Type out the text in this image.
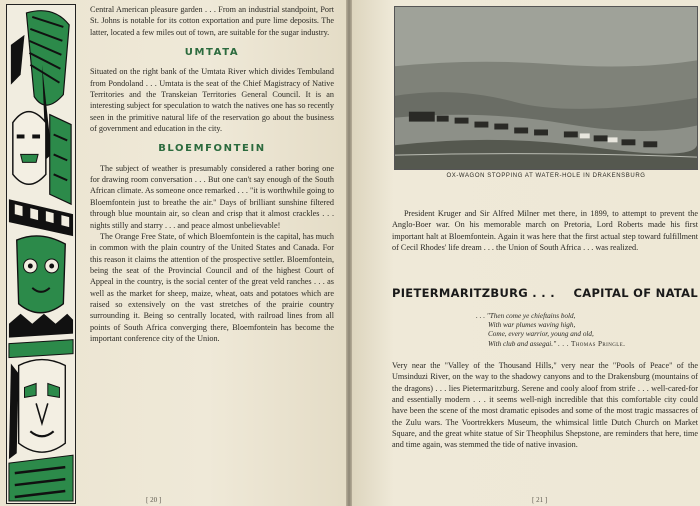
Central American pleasure garden . . . From an industrial standpoint, Port St. Johns is notable for its cotton exportation and pure lime deposits. The latter, located a few miles out of town, are suitable for the sugar industry.

UMTATA

Situated on the right bank of the Umtata River which divides Tembuland from Pondoland . . . Umtata is the seat of the Chief Magistracy of Native Territories and the Transkeian Territories General Council. It is an interesting subject for speculation to watch the natives one has so recently seen in the primitive natural life of the reservation go about the business of government and education in the city.

BLOEMFONTEIN

The subject of weather is presumably considered a rather boring one for drawing room conversation . . . But one can't say enough of the South African climate. As someone once remarked . . . "it is worthwhile going to Bloemfontein just to breathe the air." Days of brilliant sunshine filtered through blue mountain air, so clean and crisp that it almost crackles . . . nights stilly and starry . . . and peace almost unbelievable!

The Orange Free State, of which Bloemfontein is the capital, has much in common with the plain country of the United States and Canada. For this reason it claims the attention of the prospective settler. Bloemfontein, being the seat of the Provincial Council and of the highest Court of Appeal in the country, is the social center of the great veld ranches . . . as well as the market for sheep, maize, wheat, oats and potatoes which are raised so extensively on the vast stretches of the prairie country surrounding it. Being so centrally located, with railroad lines from all points of South Africa converging there, Bloemfontein has become the important conference city of the Union.

[ 20 ]
OX-WAGON STOPPING AT WATER-HOLE IN DRAKENSBURG

President Kruger and Sir Alfred Milner met there, in 1899, to attempt to prevent the Anglo-Boer war. On his memorable march on Pretoria, Lord Roberts made his first important halt at Bloemfontein. Again it was here that the first actual step toward fulfillment of Cecil Rhodes' life dream . . . the Union of South Africa . . . was realized.

PIETERMARITZBURG . . . CAPITAL OF NATAL
. . . "Then come ye chieftains bold,
With war plumes waving high,
Come, every warrior, young and old,
With club and assegai." . . . Thomas Pringle.

Very near the "Valley of the Thousand Hills," very near the "Pools of Peace" of the Umsinduzi River, on the way to the shadowy canyons and to the Drakensburg (mountains of the dragons) . . . lies Pietermaritzburg. Serene and cooly aloof from strife . . . well-cared-for and essentially modern . . . it seems well-nigh incredible that this comfortable city could have been the scene of the most dramatic episodes and some of the most tragic massacres of the Zulu wars. The Voortrekkers Museum, the whimsical little Dutch Church on Market Square, and the great white statue of Sir Theophilus Shepstone, are reminders that here, time and time again, was stemmed the tide of native invasion.

[ 21 ]
